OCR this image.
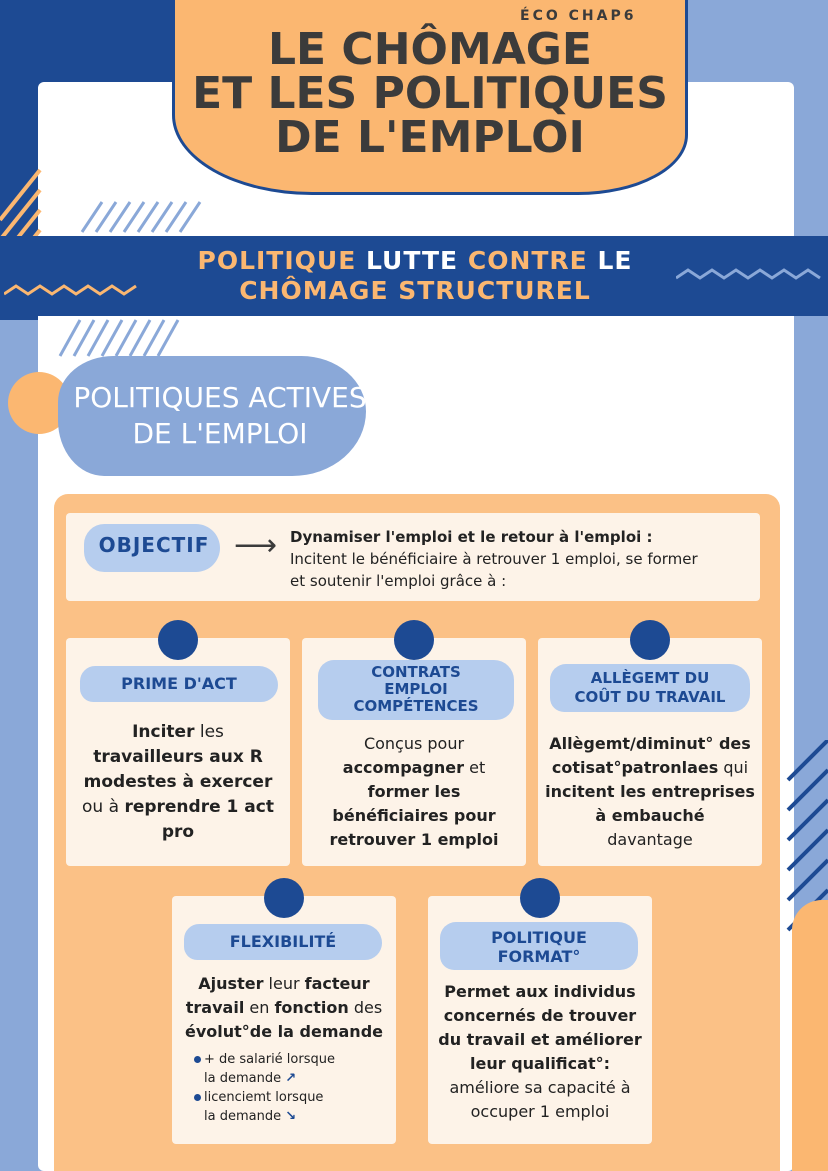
ÉCO CHAP6
LE CHÔMAGE
ET LES POLITIQUES
DE L'EMPLOI
POLITIQUE LUTTE CONTRE LE
CHÔMAGE STRUCTUREL
POLITIQUES ACTIVES
DE L'EMPLOI
OBJECTIF ⟶ Dynamiser l'emploi et le retour à l'emploi :
Incitent le bénéficiaire à retrouver 1 emploi, se former
et soutenir l'emploi grâce à :
PRIME D'ACT
Inciter les
travailleurs aux R
modestes à exercer
ou à reprendre 1 act
pro
CONTRATS
EMPLOI
COMPÉTENCES
Conçus pour
accompagner et
former les
bénéficiaires pour
retrouver 1 emploi
ALLÈGEMT DU
COÛT DU TRAVAIL
Allègemt/diminut° des
cotisat°patronlaes qui
incitent les entreprises
à embauché
davantage
FLEXIBILITÉ
Ajuster leur facteur
travail en fonction des
évolut°de la demande
+ de salarié lorsque
la demande ↗
licenciemt lorsque
la demande ↘
POLITIQUE
FORMAT°
Permet aux individus
concernés de trouver
du travail et améliorer
leur qualificat°:
améliore sa capacité à
occuper 1 emploi
